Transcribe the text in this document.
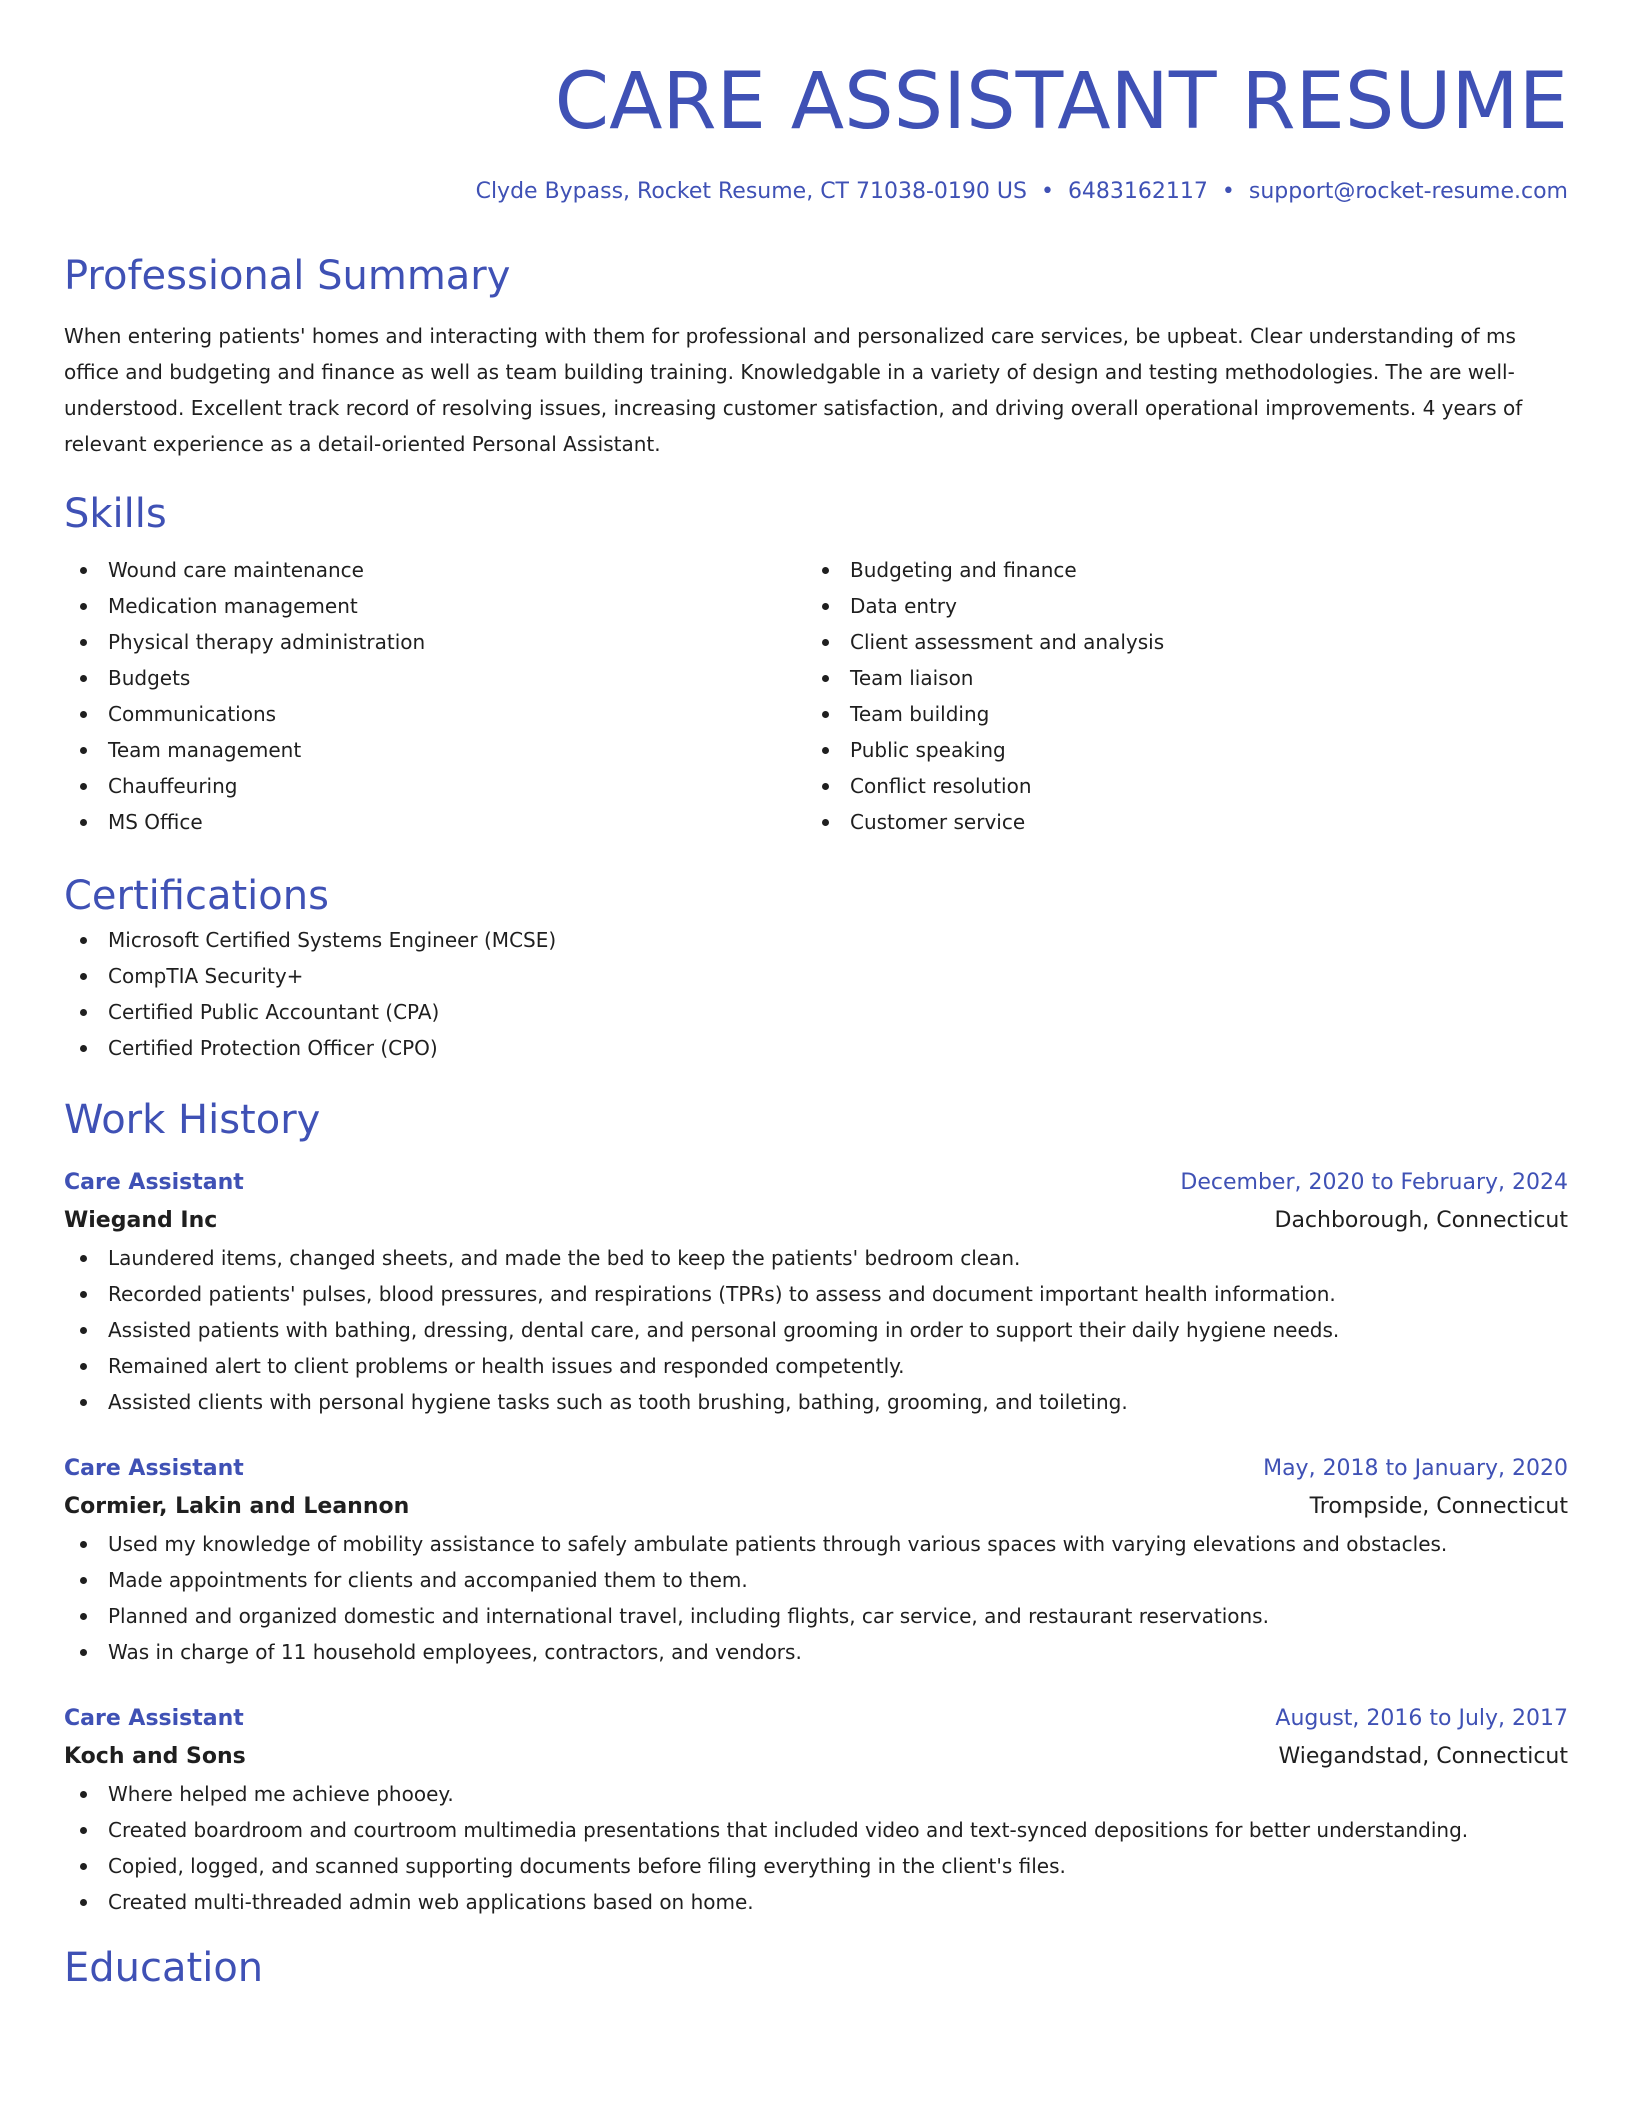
CARE ASSISTANT RESUME
Clyde Bypass, Rocket Resume, CT 71038-0190 US • 6483162117 • support@rocket-resume.com
Professional Summary
When entering patients' homes and interacting with them for professional and personalized care services, be upbeat. Clear understanding of ms office and budgeting and finance as well as team building training. Knowledgable in a variety of design and testing methodologies. The are well-understood. Excellent track record of resolving issues, increasing customer satisfaction, and driving overall operational improvements. 4 years of relevant experience as a detail-oriented Personal Assistant.
Skills
Wound care maintenance
Medication management
Physical therapy administration
Budgets
Communications
Team management
Chauffeuring
MS Office
Budgeting and finance
Data entry
Client assessment and analysis
Team liaison
Team building
Public speaking
Conflict resolution
Customer service
Certifications
Microsoft Certified Systems Engineer (MCSE)
CompTIA Security+
Certified Public Accountant (CPA)
Certified Protection Officer (CPO)
Work History
Care Assistant	December, 2020 to February, 2024
Wiegand Inc	Dachborough, Connecticut
Laundered items, changed sheets, and made the bed to keep the patients' bedroom clean.
Recorded patients' pulses, blood pressures, and respirations (TPRs) to assess and document important health information.
Assisted patients with bathing, dressing, dental care, and personal grooming in order to support their daily hygiene needs.
Remained alert to client problems or health issues and responded competently.
Assisted clients with personal hygiene tasks such as tooth brushing, bathing, grooming, and toileting.
Care Assistant	May, 2018 to January, 2020
Cormier, Lakin and Leannon	Trompside, Connecticut
Used my knowledge of mobility assistance to safely ambulate patients through various spaces with varying elevations and obstacles.
Made appointments for clients and accompanied them to them.
Planned and organized domestic and international travel, including flights, car service, and restaurant reservations.
Was in charge of 11 household employees, contractors, and vendors.
Care Assistant	August, 2016 to July, 2017
Koch and Sons	Wiegandstad, Connecticut
Where helped me achieve phooey.
Created boardroom and courtroom multimedia presentations that included video and text-synced depositions for better understanding.
Copied, logged, and scanned supporting documents before filing everything in the client's files.
Created multi-threaded admin web applications based on home.
Education
